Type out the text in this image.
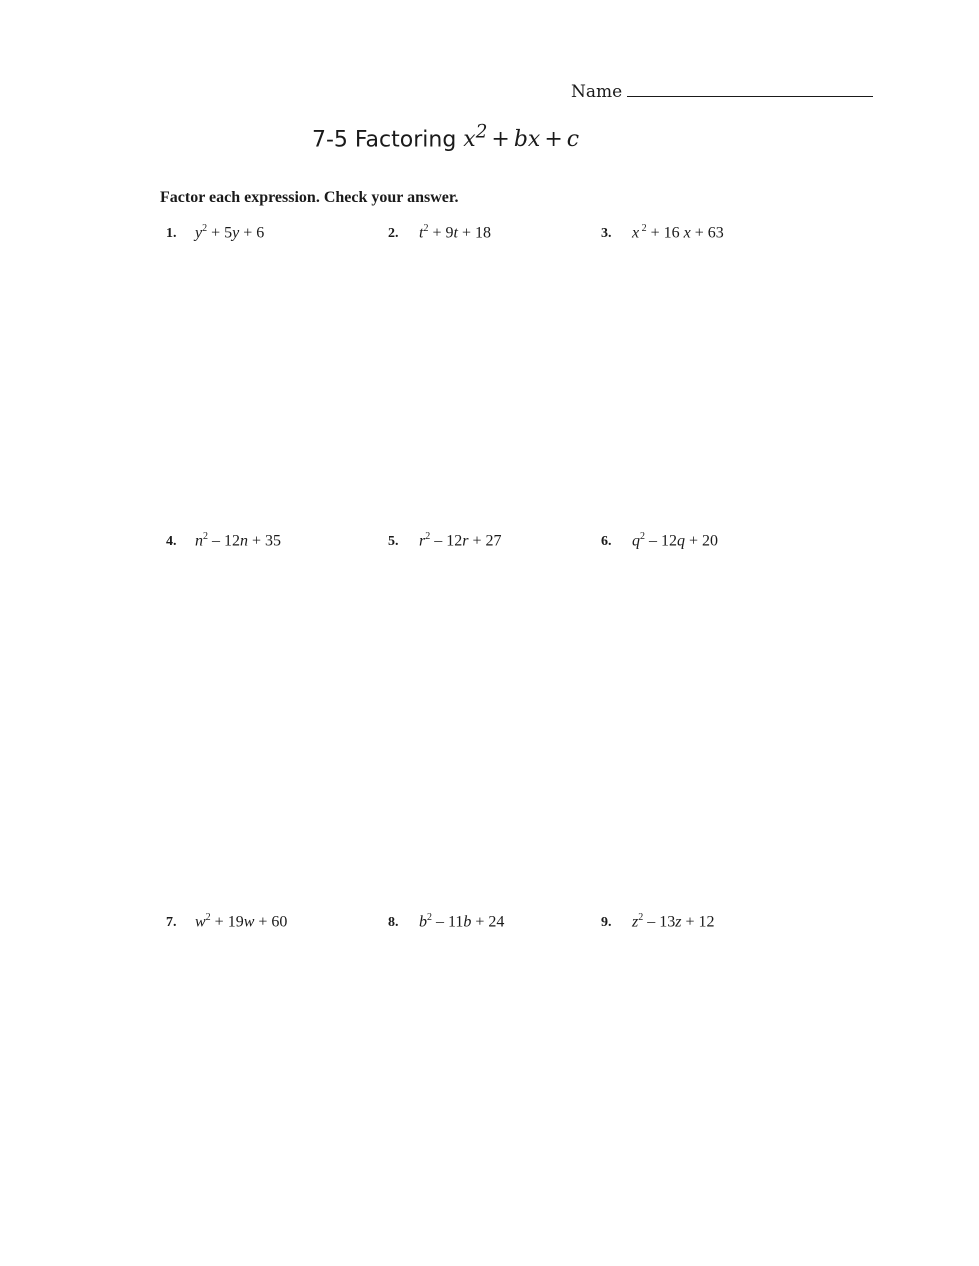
Name
7-5 Factoring $x^2$ + bx + c
Factor each expression. Check your answer.
1.	$y^2 + 5y + 6$	2.	$t^2 + 9t + 18$	3.	x $^2$ + 16 x + 63
4.	$n^2 - 12n + 35$	5.	$r^2 - 12r + 27$	6.	$q^2 - 12q + 20$
7.	$w^2 + 19w + 60$	8.	$b^2 - 11b + 24$	9.	$z^2 - 13z + 12$
